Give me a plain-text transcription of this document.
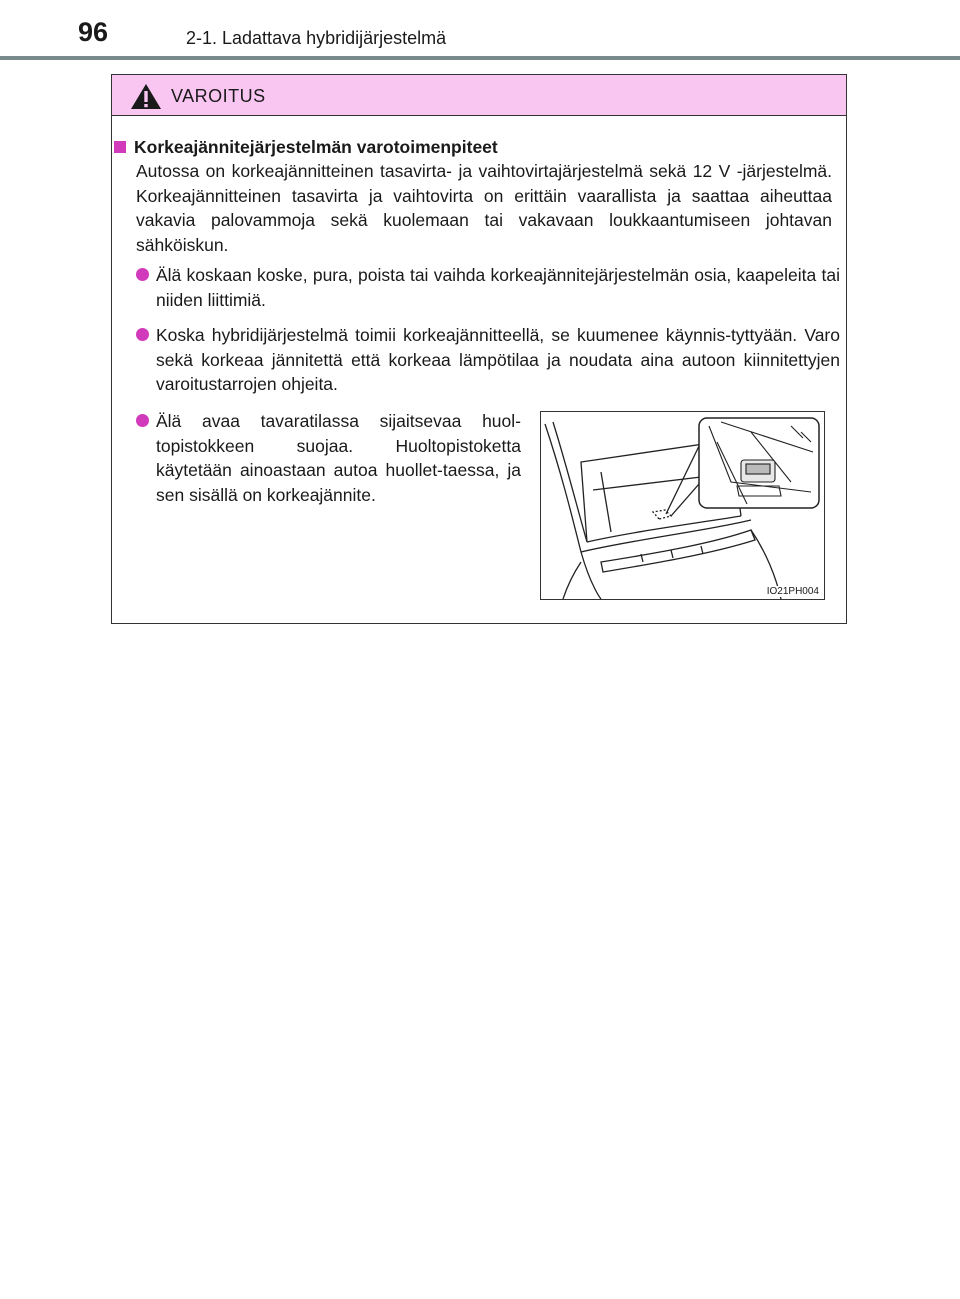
96	2-1. Ladattava hybridijärjestelmä
VAROITUS
Korkeajännitejärjestelmän varotoimenpiteet
Autossa on korkeajännitteinen tasavirta- ja vaihtovirtajärjestelmä sekä 12 V -järjestelmä. Korkeajännitteinen tasavirta ja vaihtovirta on erittäin vaarallista ja saattaa aiheuttaa vakavia palovammoja sekä kuolemaan tai vakavaan loukkaantumiseen johtavan sähköiskun.
Älä koskaan koske, pura, poista tai vaihda korkeajännitejärjestelmän osia, kaapeleita tai niiden liittimiä.
Koska hybridijärjestelmä toimii korkeajännitteellä, se kuumenee käynnis-tyttyään. Varo sekä korkeaa jännitettä että korkeaa lämpötilaa ja noudata aina autoon kiinnitettyjen varoitustarrojen ohjeita.
Älä avaa tavaratilassa sijaitsevaa huol-topistokkeen suojaa. Huoltopistoketta käytetään ainoastaan autoa huollet-taessa, ja sen sisällä on korkeajännite.
IO21PH004
